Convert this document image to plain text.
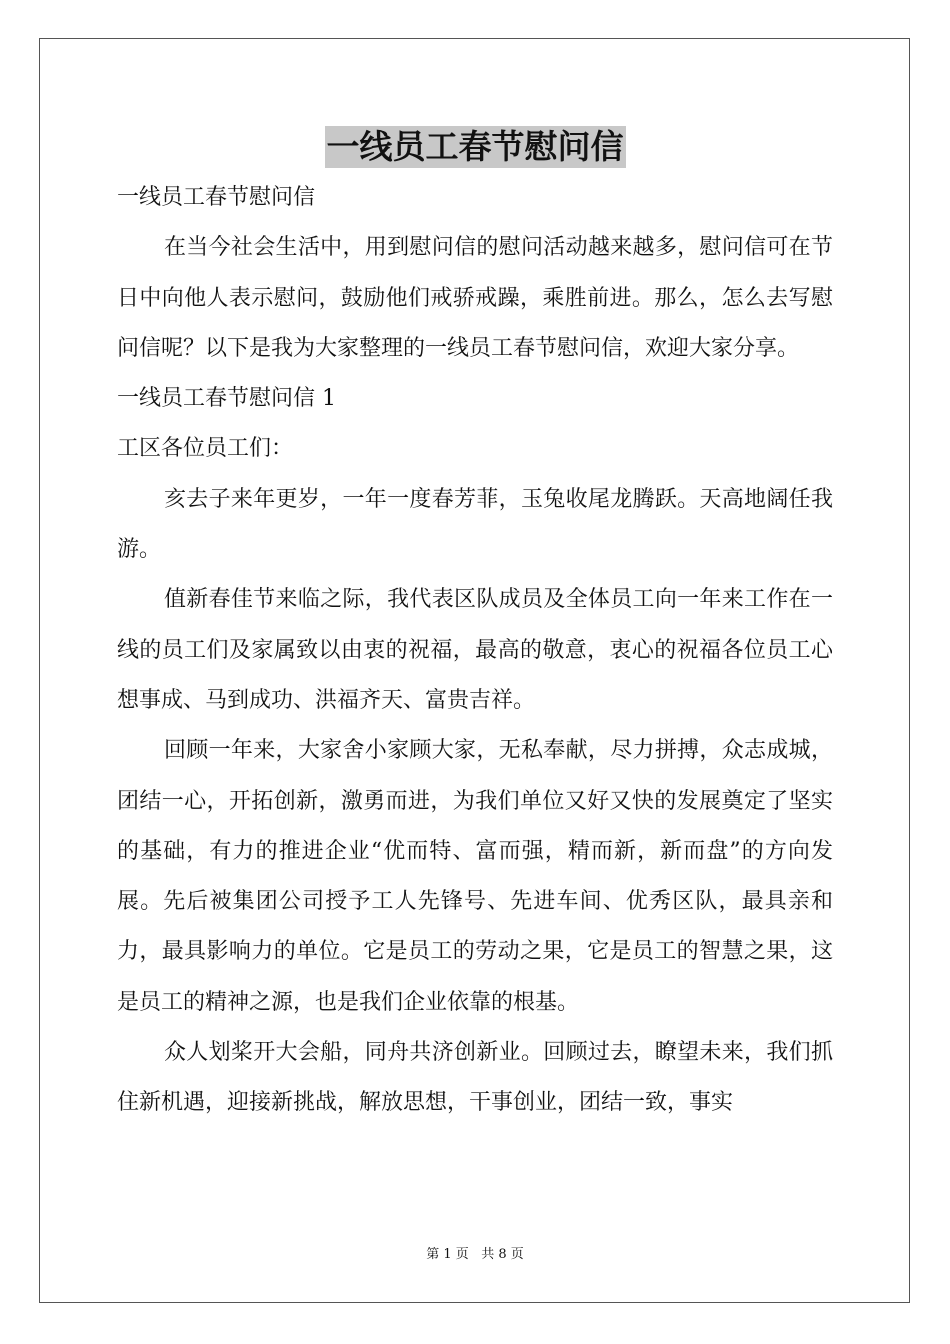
一线员工春节慰问信

一线员工春节慰问信

在当今社会生活中，用到慰问信的慰问活动越来越多，慰问信可在节日中向他人表示慰问，鼓励他们戒骄戒躁，乘胜前进。那么，怎么去写慰问信呢？以下是我为大家整理的一线员工春节慰问信，欢迎大家分享。

一线员工春节慰问信 1

工区各位员工们：

亥去子来年更岁，一年一度春芳菲，玉兔收尾龙腾跃。天高地阔任我游。

值新春佳节来临之际，我代表区队成员及全体员工向一年来工作在一线的员工们及家属致以由衷的祝福，最高的敬意，衷心的祝福各位员工心想事成、马到成功、洪福齐天、富贵吉祥。

回顾一年来，大家舍小家顾大家，无私奉献，尽力拼搏，众志成城，团结一心，开拓创新，激勇而进，为我们单位又好又快的发展奠定了坚实的基础，有力的推进企业“优而特、富而强，精而新，新而盘”的方向发展。先后被集团公司授予工人先锋号、先进车间、优秀区队，最具亲和力，最具影响力的单位。它是员工的劳动之果，它是员工的智慧之果，这是员工的精神之源，也是我们企业依靠的根基。

众人划桨开大会船，同舟共济创新业。回顾过去，瞭望未来，我们抓住新机遇，迎接新挑战，解放思想，干事创业，团结一致，事实

第 1 页 共 8 页
